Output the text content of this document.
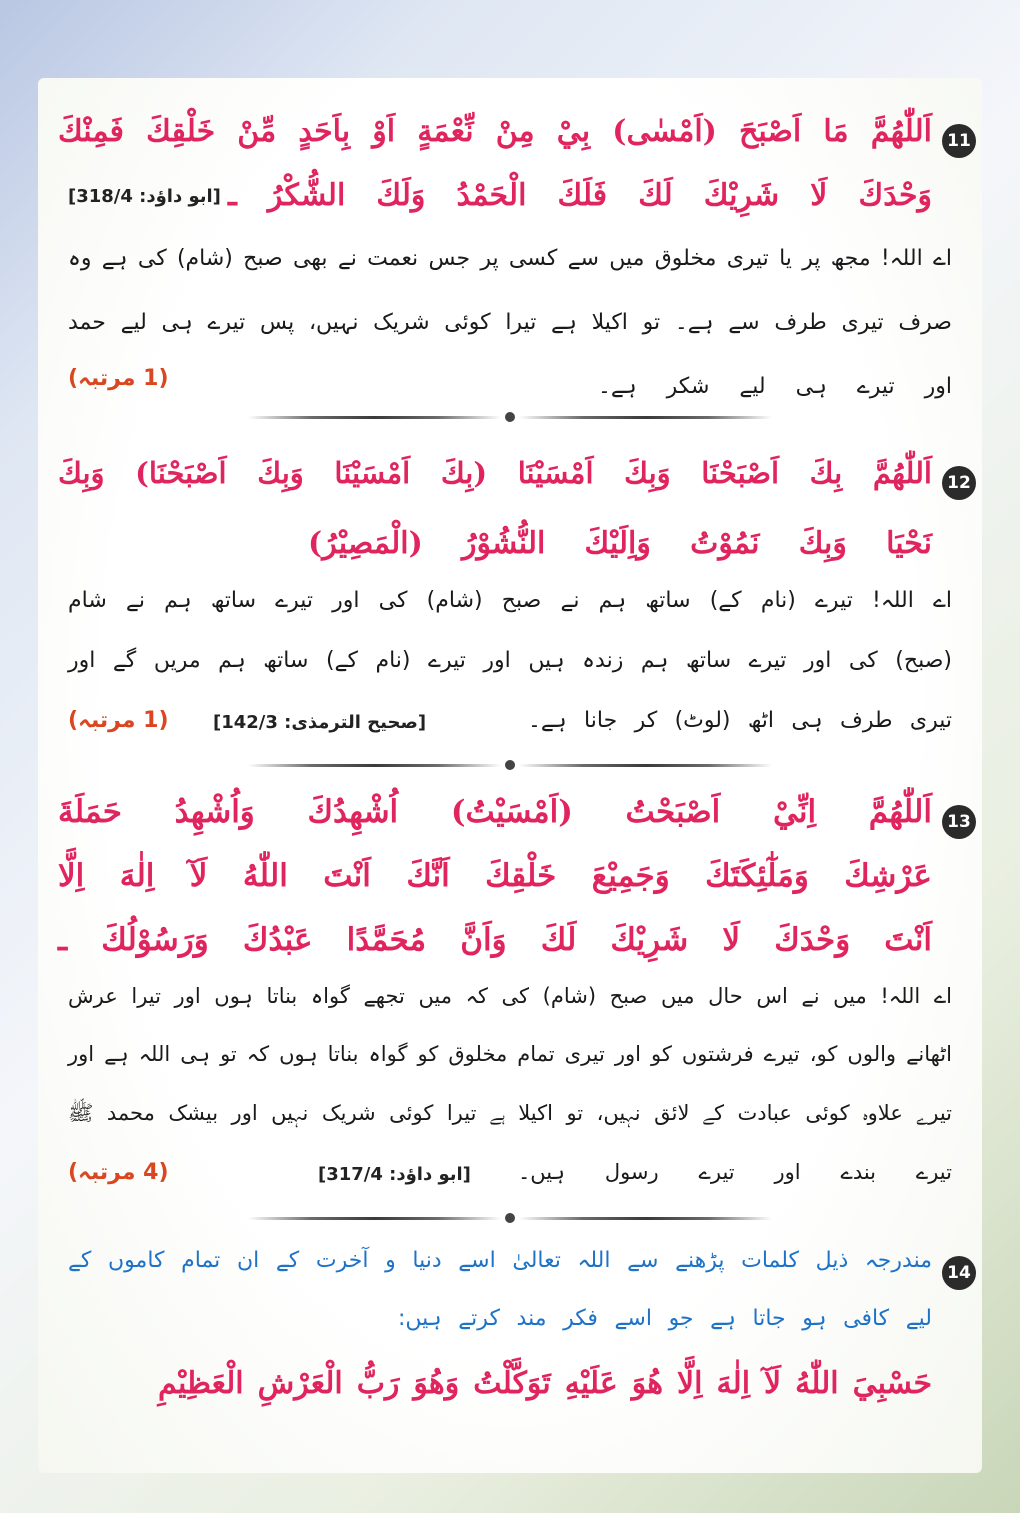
11
اَللّٰهُمَّ مَا اَصْبَحَ (اَمْسٰى) بِيْ مِنْ نِّعْمَةٍ اَوْ بِاَحَدٍ مِّنْ خَلْقِكَ فَمِنْكَ
وَحْدَكَ لَا شَرِيْكَ لَكَ فَلَكَ الْحَمْدُ وَلَكَ الشُّكْرُ ـ
[ابو داؤد: 318/4]
اے اللہ! مجھ پر یا تیری مخلوق میں سے کسی پر جس نعمت نے بھی صبح (شام) کی ہے وہ
صرف تیری طرف سے ہے۔ تو اکیلا ہے تیرا کوئی شریک نہیں، پس تیرے ہی لیے حمد
اور تیرے ہی لیے شکر ہے۔
(1 مرتبہ)
12
اَللّٰهُمَّ بِكَ اَصْبَحْنَا وَبِكَ اَمْسَيْنَا (بِكَ اَمْسَيْنَا وَبِكَ اَصْبَحْنَا) وَبِكَ
نَحْيَا وَبِكَ نَمُوْتُ وَاِلَيْكَ النُّشُوْرُ (الْمَصِيْرُ)
اے اللہ! تیرے (نام کے) ساتھ ہم نے صبح (شام) کی اور تیرے ساتھ ہم نے شام
(صبح) کی اور تیرے ساتھ ہم زندہ ہیں اور تیرے (نام کے) ساتھ ہم مریں گے اور
تیری طرف ہی اٹھ (لوٹ) کر جانا ہے۔
[صحیح الترمذی: 142/3]
(1 مرتبہ)
13
اَللّٰهُمَّ اِنِّيْ اَصْبَحْتُ (اَمْسَيْتُ) اُشْهِدُكَ وَاُشْهِدُ حَمَلَةَ
عَرْشِكَ وَمَلٰٓئِكَتَكَ وَجَمِيْعَ خَلْقِكَ اَنَّكَ اَنْتَ اللّٰهُ لَآ اِلٰهَ اِلَّا
اَنْتَ وَحْدَكَ لَا شَرِيْكَ لَكَ وَاَنَّ مُحَمَّدًا عَبْدُكَ وَرَسُوْلُكَ ـ
اے اللہ! میں نے اس حال میں صبح (شام) کی کہ میں تجھے گواہ بناتا ہوں اور تیرا عرش
اٹھانے والوں کو، تیرے فرشتوں کو اور تیری تمام مخلوق کو گواہ بناتا ہوں کہ تو ہی اللہ ہے اور
تیرے علاوہ کوئی عبادت کے لائق نہیں، تو اکیلا ہے تیرا کوئی شریک نہیں اور بیشک محمد ﷺ
تیرے بندے اور تیرے رسول ہیں۔
[ابو داؤد: 317/4]
(4 مرتبہ)
14
مندرجہ ذیل کلمات پڑھنے سے اللہ تعالیٰ اسے دنیا و آخرت کے ان تمام کاموں کے
لیے کافی ہو جاتا ہے جو اسے فکر مند کرتے ہیں:
حَسْبِيَ اللّٰهُ لَآ اِلٰهَ اِلَّا هُوَ عَلَيْهِ تَوَكَّلْتُ وَهُوَ رَبُّ الْعَرْشِ الْعَظِيْمِ
